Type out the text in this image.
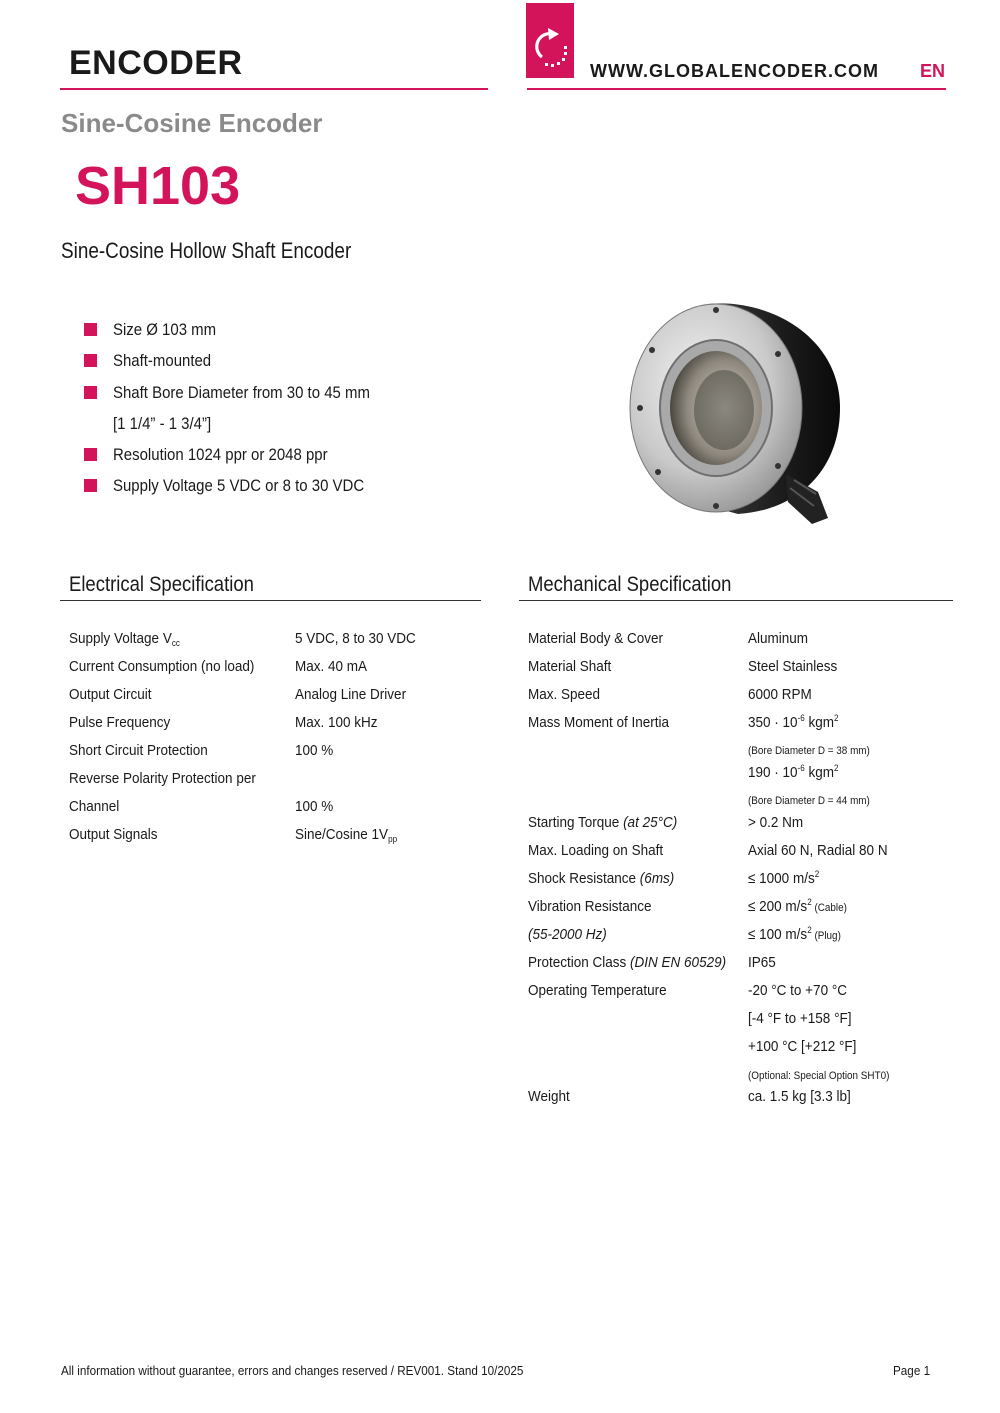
ENCODER	WWW.GLOBALENCODER.COM EN
Sine-Cosine Encoder
SH103
Sine-Cosine Hollow Shaft Encoder
Size Ø 103 mm
Shaft-mounted
Shaft Bore Diameter from 30 to 45 mm
[1 1/4” - 1 3/4”]
Resolution 1024 ppr or 2048 ppr
Supply Voltage 5 VDC or 8 to 30 VDC
Electrical Specification
Supply Voltage $V_{cc}$	5 VDC, 8 to 30 VDC
Current Consumption (no load)	Max. 40 mA
Output Circuit	Analog Line Driver
Pulse Frequency	Max. 100 kHz
Short Circuit Protection	100 %
Reverse Polarity Protection per
Channel	100 %
Output Signals	Sine/Cosine $1V_{pp}$
Mechanical Specification
Material Body & Cover	Aluminum
Material Shaft	Steel Stainless
Max. Speed	6000 RPM
Mass Moment of Inertia	$350 \cdot 10^{-6}$ kgm$^2$
(Bore Diameter D = 38 mm)
$190 \cdot 10^{-6}$ kgm$^2$
(Bore Diameter D = 44 mm)
Starting Torque (at 25°C)	> 0.2 Nm
Max. Loading on Shaft	Axial 60 N, Radial 80 N
Shock Resistance (6ms)	≤ 1000 $m/s^2$
Vibration Resistance	≤ 200 $m/s^2$ (Cable)
(55-2000 Hz)	≤ 100 $m/s^2$ (Plug)
Protection Class (DIN EN 60529) IP65
Operating Temperature	-20 °C to +70 °C
[-4 °F to +158 °F]
+100 °C [+212 °F]
(Optional: Special Option SHT0)
Weight	ca. 1.5 kg [3.3 lb]
All information without guarantee, errors and changes reserved / REV001. Stand 10/2025	Page 1
